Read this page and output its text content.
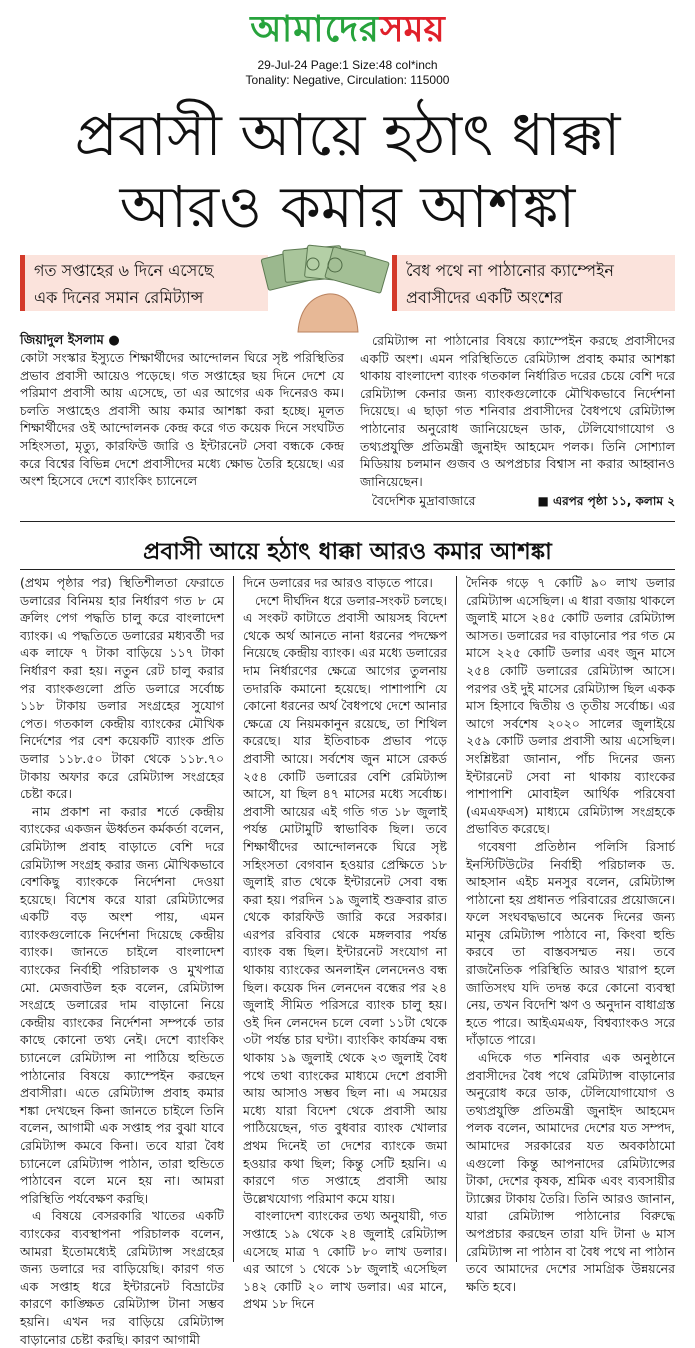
আমাদেরসময়
29-Jul-24 Page:1 Size:48 col*inch
Tonality: Negative, Circulation: 115000
প্রবাসী আয়ে হঠাৎ ধাক্কা
আরও কমার আশঙ্কা
গত সপ্তাহের ৬ দিনে এসেছে
এক দিনের সমান রেমিট্যান্স
বৈধ পথে না পাঠানোর ক্যাম্পেইন
প্রবাসীদের একটি অংশের
জিয়াদুল ইসলাম ●

কোটা সংস্কার ইস্যুতে শিক্ষার্থীদের আন্দোলন ঘিরে সৃষ্ট পরিস্থিতির প্রভাব প্রবাসী আয়েও পড়েছে। গত সপ্তাহের ছয় দিনে দেশে যে পরিমাণ প্রবাসী আয় এসেছে, তা এর আগের এক দিনেরও কম। চলতি সপ্তাহেও প্রবাসী আয় কমার আশঙ্কা করা হচ্ছে। মূলত শিক্ষার্থীদের ওই আন্দোলনক কেন্দ্র করে গত কয়েক দিনে সংঘটিত সহিংসতা, মৃত্যু, কারফিউ জারি ও ইন্টারনেট সেবা বন্ধকে কেন্দ্র করে বিশ্বের বিভিন্ন দেশে প্রবাসীদের মধ্যে ক্ষোভ তৈরি হয়েছে। এর অংশ হিসেবে দেশে ব্যাংকিং চ্যানেলে

রেমিট্যান্স না পাঠানোর বিষয়ে ক্যাম্পেইন করছে প্রবাসীদের একটি অংশ। এমন পরিস্থিতিতে রেমিট্যান্স প্রবাহ কমার আশঙ্কা থাকায় বাংলাদেশ ব্যাংক গতকাল নির্ধারিত দরের চেয়ে বেশি দরে রেমিট্যান্স কেনার জন্য ব্যাংকগুলোকে মৌখিকভাবে নির্দেশনা দিয়েছে। এ ছাড়া গত শনিবার প্রবাসীদের বৈধপথে রেমিট্যান্স পাঠানোর অনুরোধ জানিয়েছেন ডাক, টেলিযোগাযোগ ও তথ্যপ্রযুক্তি প্রতিমন্ত্রী জুনাইদ আহমেদ পলক। তিনি সোশ্যাল মিডিয়ায় চলমান গুজব ও অপপ্রচার বিশ্বাস না করার আহ্বানও জানিয়েছেন।

বৈদেশিক মুদ্রাবাজারে	■ এরপর পৃষ্ঠা ১১, কলাম ২
প্রবাসী আয়ে হঠাৎ ধাক্কা আরও কমার আশঙ্কা

(প্রথম পৃষ্ঠার পর) স্থিতিশীলতা ফেরাতে ডলারের বিনিময় হার নির্ধারণ গত ৮ মে ক্রলিং পেগ পদ্ধতি চালু করে বাংলাদেশ ব্যাংক। এ পদ্ধতিতে ডলারের মধ্যবর্তী দর এক লাফে ৭ টাকা বাড়িয়ে ১১৭ টাকা নির্ধারণ করা হয়। নতুন রেট চালু করার পর ব্যাংকগুলো প্রতি ডলারে সর্বোচ্চ ১১৮ টাকায় ডলার সংগ্রহের সুযোগ পেত। গতকাল কেন্দ্রীয় ব্যাংকের মৌখিক নির্দেশের পর বেশ কয়েকটি ব্যাংক প্রতি ডলার ১১৮.৫০ টাকা থেকে ১১৮.৭০ টাকায় অফার করে রেমিট্যান্স সংগ্রহের চেষ্টা করে।

নাম প্রকাশ না করার শর্তে কেন্দ্রীয় ব্যাংকের একজন ঊর্ধ্বতন কর্মকর্তা বলেন, রেমিট্যান্স প্রবাহ বাড়াতে বেশি দরে রেমিট্যান্স সংগ্রহ করার জন্য মৌখিকভাবে বেশকিছু ব্যাংককে নির্দেশনা দেওয়া হয়েছে। বিশেষ করে যারা রেমিট্যান্সের একটি বড় অংশ পায়, এমন ব্যাংকগুলোকে নির্দেশনা দিয়েছে কেন্দ্রীয় ব্যাংক। জানতে চাইলে বাংলাদেশ ব্যাংকের নির্বাহী পরিচালক ও মুখপাত্র মো. মেজবাউল হক বলেন, রেমিট্যান্স সংগ্রহে ডলারের দাম বাড়ানো নিয়ে কেন্দ্রীয় ব্যাংকের নির্দেশনা সম্পর্কে তার কাছে কোনো তথ্য নেই। দেশে ব্যাংকিং চ্যানেলে রেমিট্যান্স না পাঠিয়ে হুন্ডিতে পাঠানোর বিষয়ে ক্যাম্পেইন করছেন প্রবাসীরা। এতে রেমিট্যান্স প্রবাহ কমার শঙ্কা দেখছেন কিনা জানতে চাইলে তিনি বলেন, আগামী এক সপ্তাহ পর বুঝা যাবে রেমিট্যান্স কমবে কিনা। তবে যারা বৈধ চ্যানেলে রেমিট্যান্স পাঠান, তারা হুন্ডিতে পাঠাবেন বলে মনে হয় না। আমরা পরিস্থিতি পর্যবেক্ষণ করছি।

এ বিষয়ে বেসরকারি খাতের একটি ব্যাংকের ব্যবস্থাপনা পরিচালক বলেন, আমরা ইতোমধ্যেই রেমিট্যান্স সংগ্রহের জন্য ডলারে দর বাড়িয়েছি। কারণ গত এক সপ্তাহ ধরে ইন্টারনেট বিভ্রাটের কারণে কাঙ্ক্ষিত রেমিট্যান্স টানা সম্ভব হয়নি। এখন দর বাড়িয়ে রেমিট্যান্স বাড়ানোর চেষ্টা করছি। কারণ আগামী

দিনে ডলারের দর আরও বাড়তে পারে।

দেশে দীর্ঘদিন ধরে ডলার-সংকট চলছে। এ সংকট কাটাতে প্রবাসী আয়সহ বিদেশ থেকে অর্থ আনতে নানা ধরনের পদক্ষেপ নিয়েছে কেন্দ্রীয় ব্যাংক। এর মধ্যে ডলারের দাম নির্ধারণের ক্ষেত্রে আগের তুলনায় তদারকি কমানো হয়েছে। পাশাপাশি যে কোনো ধরনের অর্থ বৈধপথে দেশে আনার ক্ষেত্রে যে নিয়মকানুন রয়েছে, তা শিথিল করেছে। যার ইতিবাচক প্রভাব পড়ে প্রবাসী আয়ে। সর্বশেষ জুন মাসে রেকর্ড ২৫৪ কোটি ডলারের বেশি রেমিট্যান্স আসে, যা ছিল ৪৭ মাসের মধ্যে সর্বোচ্চ। প্রবাসী আয়ের এই গতি গত ১৮ জুলাই পর্যন্ত মোটামুটি স্বাভাবিক ছিল। তবে শিক্ষার্থীদের আন্দোলনকে ঘিরে সৃষ্ট সহিংসতা বেগবান হওয়ার প্রেক্ষিতে ১৮ জুলাই রাত থেকে ইন্টারনেট সেবা বন্ধ করা হয়। পরদিন ১৯ জুলাই শুক্রবার রাত থেকে কারফিউ জারি করে সরকার। এরপর রবিবার থেকে মঙ্গলবার পর্যন্ত ব্যাংক বন্ধ ছিল। ইন্টারনেট সংযোগ না থাকায় ব্যাংকের অনলাইন লেনদেনও বন্ধ ছিল। কয়েক দিন লেনদেন বন্ধের পর ২৪ জুলাই সীমিত পরিসরে ব্যাংক চালু হয়। ওই দিন লেনদেন চলে বেলা ১১টা থেকে ৩টা পর্যন্ত চার ঘণ্টা। ব্যাংকিং কার্যক্রম বন্ধ থাকায় ১৯ জুলাই থেকে ২৩ জুলাই বৈধ পথে তথা ব্যাংকের মাধ্যমে দেশে প্রবাসী আয় আসাও সম্ভব ছিল না। এ সময়ের মধ্যে যারা বিদেশ থেকে প্রবাসী আয় পাঠিয়েছেন, গত বুধবার ব্যাংক খোলার প্রথম দিনেই তা দেশের ব্যাংকে জমা হওয়ার কথা ছিল; কিন্তু সেটি হয়নি। এ কারণে গত সপ্তাহে প্রবাসী আয় উল্লেখযোগ্য পরিমাণ কমে যায়।

বাংলাদেশ ব্যাংকের তথ্য অনুযায়ী, গত সপ্তাহে ১৯ থেকে ২৪ জুলাই রেমিট্যান্স এসেছে মাত্র ৭ কোটি ৮০ লাখ ডলার। এর আগে ১ থেকে ১৮ জুলাই এসেছিল ১৪২ কোটি ২০ লাখ ডলার। এর মানে, প্রথম ১৮ দিনে

দৈনিক গড়ে ৭ কোটি ৯০ লাখ ডলার রেমিট্যান্স এসেছিল। এ ধারা বজায় থাকলে জুলাই মাসে ২৪৫ কোটি ডলার রেমিট্যান্স আসত। ডলারের দর বাড়ানোর পর গত মে মাসে ২২৫ কোটি ডলার এবং জুন মাসে ২৫৪ কোটি ডলারের রেমিট্যান্স আসে। পরপর ওই দুই মাসের রেমিট্যান্স ছিল একক মাস হিসাবে দ্বিতীয় ও তৃতীয় সর্বোচ্চ। এর আগে সর্বশেষ ২০২০ সালের জুলাইয়ে ২৫৯ কোটি ডলার প্রবাসী আয় এসেছিল। সংশ্লিষ্টরা জানান, পাঁচ দিনের জন্য ইন্টারনেট সেবা না থাকায় ব্যাংকের পাশাপাশি মোবাইল আর্থিক পরিষেবা (এমএফএস) মাধ্যমে রেমিট্যান্স সংগ্রহকে প্রভাবিত করেছে।

গবেষণা প্রতিষ্ঠান পলিসি রিসার্চ ইনস্টিটিউটের নির্বাহী পরিচালক ড. আহসান এইচ মনসুর বলেন, রেমিট্যান্স পাঠানো হয় প্রধানত পরিবারের প্রয়োজনে। ফলে সংঘবদ্ধভাবে অনেক দিনের জন্য মানুষ রেমিট্যান্স পাঠাবে না, কিংবা হুন্ডি করবে তা বাস্তবসম্মত নয়। তবে রাজনৈতিক পরিস্থিতি আরও খারাপ হলে জাতিসংঘ যদি তদন্ত করে কোনো ব্যবস্থা নেয়, তখন বিদেশি ঋণ ও অনুদান বাধাগ্রস্ত হতে পারে। আইএমএফ, বিশ্বব্যাংকও সরে দাঁড়াতে পারে।

এদিকে গত শনিবার এক অনুষ্ঠানে প্রবাসীদের বৈধ পথে রেমিট্যান্স বাড়ানোর অনুরোধ করে ডাক, টেলিযোগাযোগ ও তথ্যপ্রযুক্তি প্রতিমন্ত্রী জুনাইদ আহমেদ পলক বলেন, আমাদের দেশের যত সম্পদ, আমাদের সরকারের যত অবকাঠামো এগুলো কিন্তু আপনাদের রেমিট্যান্সের টাকা, দেশের কৃষক, শ্রমিক এবং ব্যবসায়ীর ট্যাক্সের টাকায় তৈরি। তিনি আরও জানান, যারা রেমিট্যান্স পাঠানোর বিরুদ্ধে অপপ্রচার করছেন তারা যদি টানা ৬ মাস রেমিট্যান্স না পাঠান বা বৈধ পথে না পাঠান তবে আমাদের দেশের সামগ্রিক উন্নয়নের ক্ষতি হবে।
